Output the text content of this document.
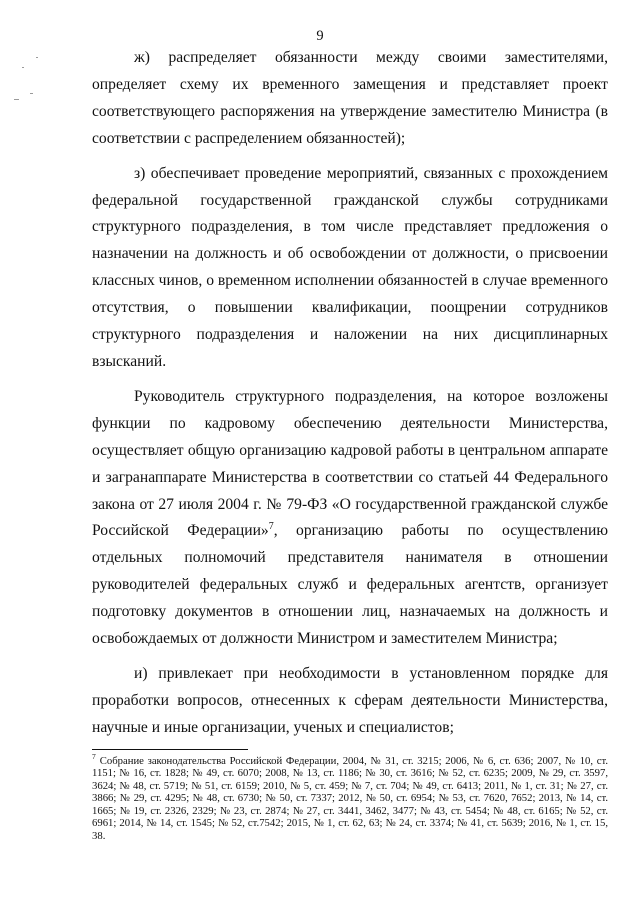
9

ж) распределяет обязанности между своими заместителями, определяет схему их временного замещения и представляет проект соответствующего распоряжения на утверждение заместителю Министра (в соответствии с распределением обязанностей);

з) обеспечивает проведение мероприятий, связанных с прохождением федеральной государственной гражданской службы сотрудниками структурного подразделения, в том числе представляет предложения о назначении на должность и об освобождении от должности, о присвоении классных чинов, о временном исполнении обязанностей в случае временного отсутствия, о повышении квалификации, поощрении сотрудников структурного подразделения и наложении на них дисциплинарных взысканий.

Руководитель структурного подразделения, на которое возложены функции по кадровому обеспечению деятельности Министерства, осуществляет общую организацию кадровой работы в центральном аппарате и загранаппарате Министерства в соответствии со статьей 44 Федерального закона от 27 июля 2004 г. № 79-ФЗ «О государственной гражданской службе Российской Федерации»$^7$, организацию работы по осуществлению отдельных полномочий представителя нанимателя в отношении руководителей федеральных служб и федеральных агентств, организует подготовку документов в отношении лиц, назначаемых на должность и освобождаемых от должности Министром и заместителем Министра;

и) привлекает при необходимости в установленном порядке для проработки вопросов, отнесенных к сферам деятельности Министерства, научные и иные организации, ученых и специалистов;

$^7$ Собрание законодательства Российской Федерации, 2004, № 31, ст. 3215; 2006, № 6, ст. 636; 2007, № 10, ст. 1151; № 16, ст. 1828; № 49, ст. 6070; 2008, № 13, ст. 1186; № 30, ст. 3616; № 52, ст. 6235; 2009, № 29, ст. 3597, 3624; № 48, ст. 5719; № 51, ст. 6159; 2010, № 5, ст. 459; № 7, ст. 704; № 49, ст. 6413; 2011, № 1, ст. 31; № 27, ст. 3866; № 29, ст. 4295; № 48, ст. 6730; № 50, ст. 7337; 2012, № 50, ст. 6954; № 53, ст. 7620, 7652; 2013, № 14, ст. 1665; № 19, ст. 2326, 2329; № 23, ст. 2874; № 27, ст. 3441, 3462, 3477; № 43, ст. 5454; № 48, ст. 6165; № 52, ст. 6961; 2014, № 14, ст. 1545; № 52, ст.7542; 2015, № 1, ст. 62, 63; № 24, ст. 3374; № 41, ст. 5639; 2016, № 1, ст. 15, 38.
